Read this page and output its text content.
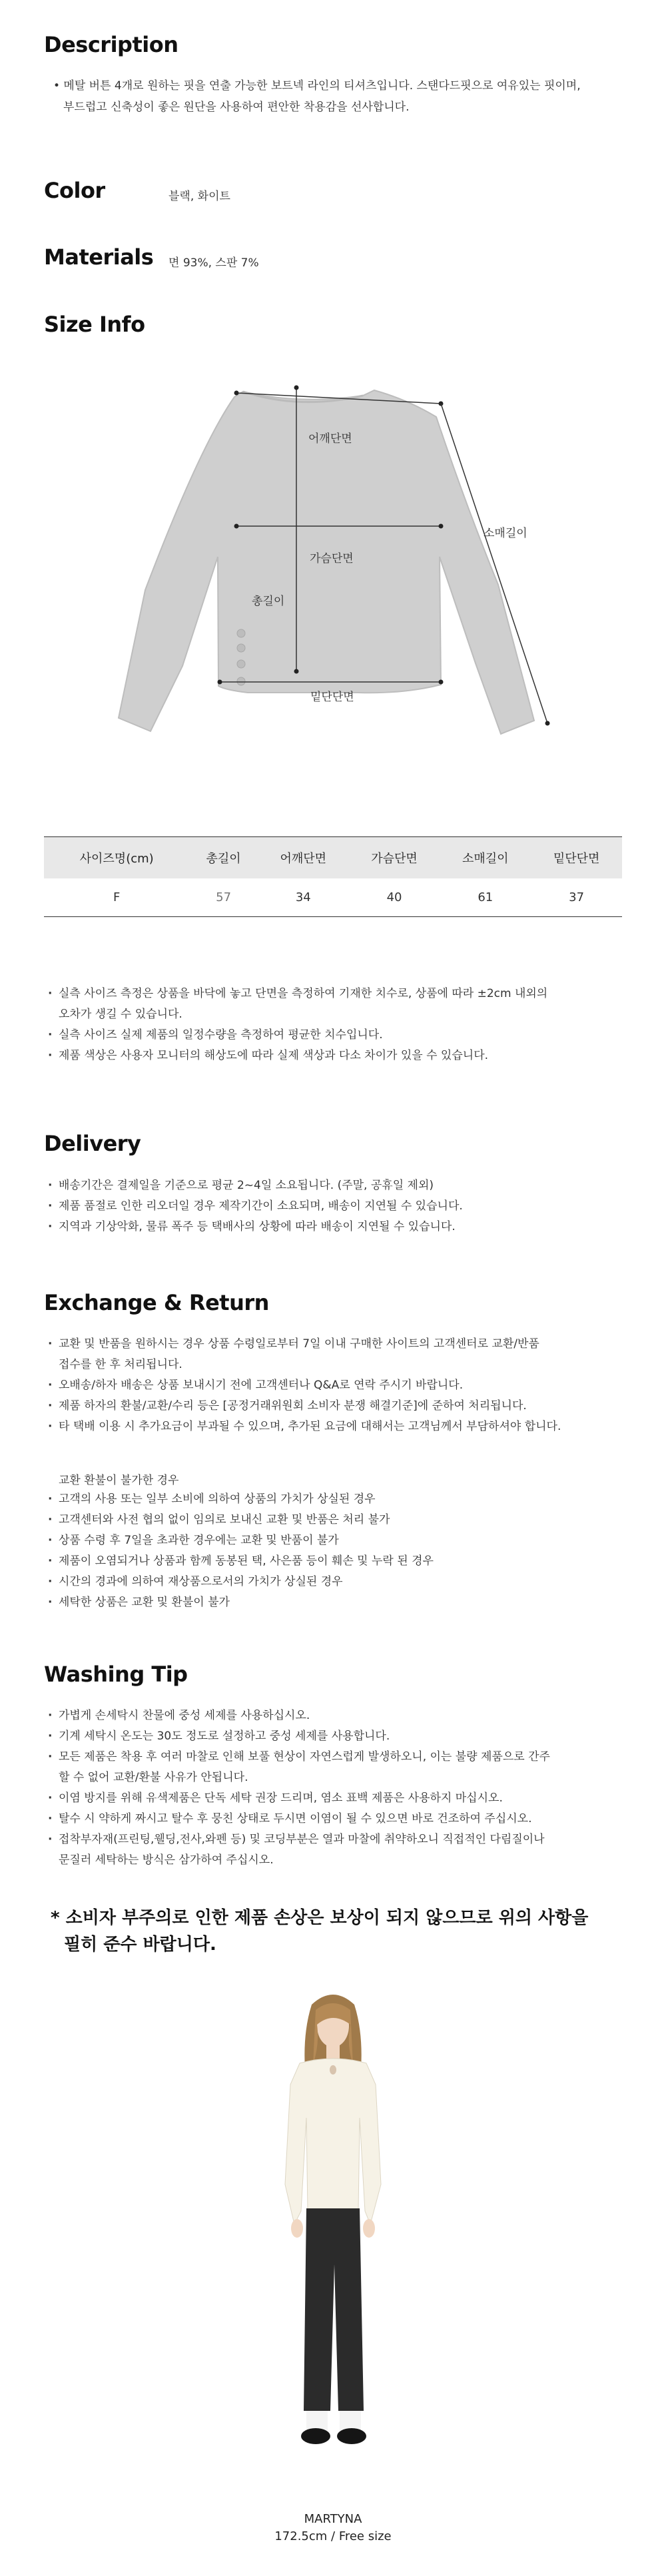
Description
• 메탈 버튼 4개로 원하는 핏을 연출 가능한 보트넥 라인의 티셔츠입니다. 스탠다드핏으로 여유있는 핏이며,
부드럽고 신축성이 좋은 원단을 사용하여 편안한 착용감을 선사합니다.
Color	블랙, 화이트
Materials 면 93%, 스판 7%
Size Info
어깨단면
가슴단면
총길이
소매길이
밑단단면
사이즈명(cm)	총길이	어깨단면	가슴단면	소매길이	밑단단면
F	57	34	40	61	37
· 실측 사이즈 측정은 상품을 바닥에 놓고 단면을 측정하여 기재한 치수로, 상품에 따라 ±2cm 내외의
오차가 생길 수 있습니다.
· 실측 사이즈 실제 제품의 일정수량을 측정하여 평균한 치수입니다.
· 제품 색상은 사용자 모니터의 해상도에 따라 실제 색상과 다소 차이가 있을 수 있습니다.
Delivery
· 배송기간은 결제일을 기준으로 평균 2~4일 소요됩니다. (주말, 공휴일 제외)
· 제품 품절로 인한 리오더일 경우 제작기간이 소요되며, 배송이 지연될 수 있습니다.
· 지역과 기상악화, 물류 폭주 등 택배사의 상황에 따라 배송이 지연될 수 있습니다.
Exchange & Return
· 교환 및 반품을 원하시는 경우 상품 수령일로부터 7일 이내 구매한 사이트의 고객센터로 교환/반품
접수를 한 후 처리됩니다.
· 오배송/하자 배송은 상품 보내시기 전에 고객센터나 Q&A로 연락 주시기 바랍니다.
· 제품 하자의 환불/교환/수리 등은 [공정거래위원회 소비자 분쟁 해결기준]에 준하여 처리됩니다.
· 타 택배 이용 시 추가요금이 부과될 수 있으며, 추가된 요금에 대해서는 고객님께서 부담하셔야 합니다.
교환 환불이 불가한 경우
· 고객의 사용 또는 일부 소비에 의하여 상품의 가치가 상실된 경우
· 고객센터와 사전 협의 없이 임의로 보내신 교환 및 반품은 처리 불가
· 상품 수령 후 7일을 초과한 경우에는 교환 및 반품이 불가
· 제품이 오염되거나 상품과 함께 동봉된 택, 사은품 등이 훼손 및 누락 된 경우
· 시간의 경과에 의하여 재상품으로서의 가치가 상실된 경우
· 세탁한 상품은 교환 및 환불이 불가
Washing Tip
· 가볍게 손세탁시 찬물에 중성 세제를 사용하십시오.
· 기계 세탁시 온도는 30도 정도로 설정하고 중성 세제를 사용합니다.
· 모든 제품은 착용 후 여러 마찰로 인해 보풀 현상이 자연스럽게 발생하오니, 이는 불량 제품으로 간주
할 수 없어 교환/환불 사유가 안됩니다.
· 이염 방지를 위해 유색제품은 단독 세탁 권장 드리며, 염소 표백 제품은 사용하지 마십시오.
· 탈수 시 약하게 짜시고 탈수 후 뭉친 상태로 두시면 이염이 될 수 있으면 바로 건조하여 주십시오.
· 접착부자재(프린팅,웰딩,전사,와펜 등) 및 코딩부분은 열과 마찰에 취약하오니 직접적인 다림질이나
문질러 세탁하는 방식은 삼가하여 주십시오.
* 소비자 부주의로 인한 제품 손상은 보상이 되지 않으므로 위의 사항을
필히 준수 바랍니다.
MARTYNA
172.5cm / Free size
